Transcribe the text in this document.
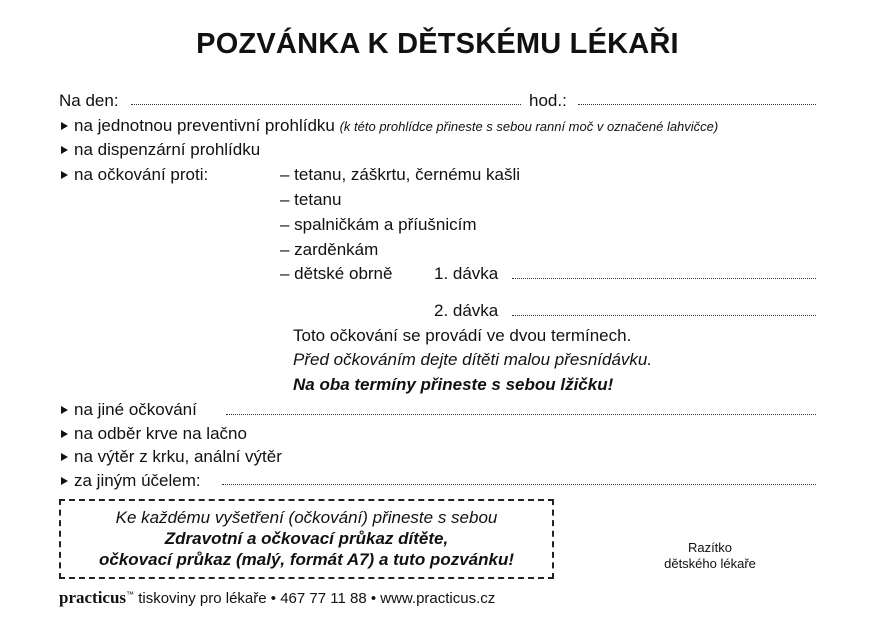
POZVÁNKA K DĚTSKÉMU LÉKAŘI
Na den:	hod.:
na jednotnou preventivní prohlídku (k této prohlídce přineste s sebou ranní moč v označené lahvičce)
na dispenzární prohlídku
na očkování proti:	– tetanu, záškrtu, černému kašli
– tetanu
– spalničkám a příušnicím
– zarděnkám
– dětské obrně 1. dávka
2. dávka
Toto očkování se provádí ve dvou termínech.
Před očkováním dejte dítěti malou přesnídávku.
Na oba termíny přineste s sebou lžičku!
na jiné očkování
na odběr krve na lačno
na výtěr z krku, anální výtěr
za jiným účelem:
Ke každému vyšetření (očkování) přineste s sebou
Zdravotní a očkovací průkaz dítěte,
očkovací průkaz (malý, formát A7) a tuto pozvánku!
Razítko
dětského lékaře
practicus™ tiskoviny pro lékaře • 467 77 11 88 • www.practicus.cz
